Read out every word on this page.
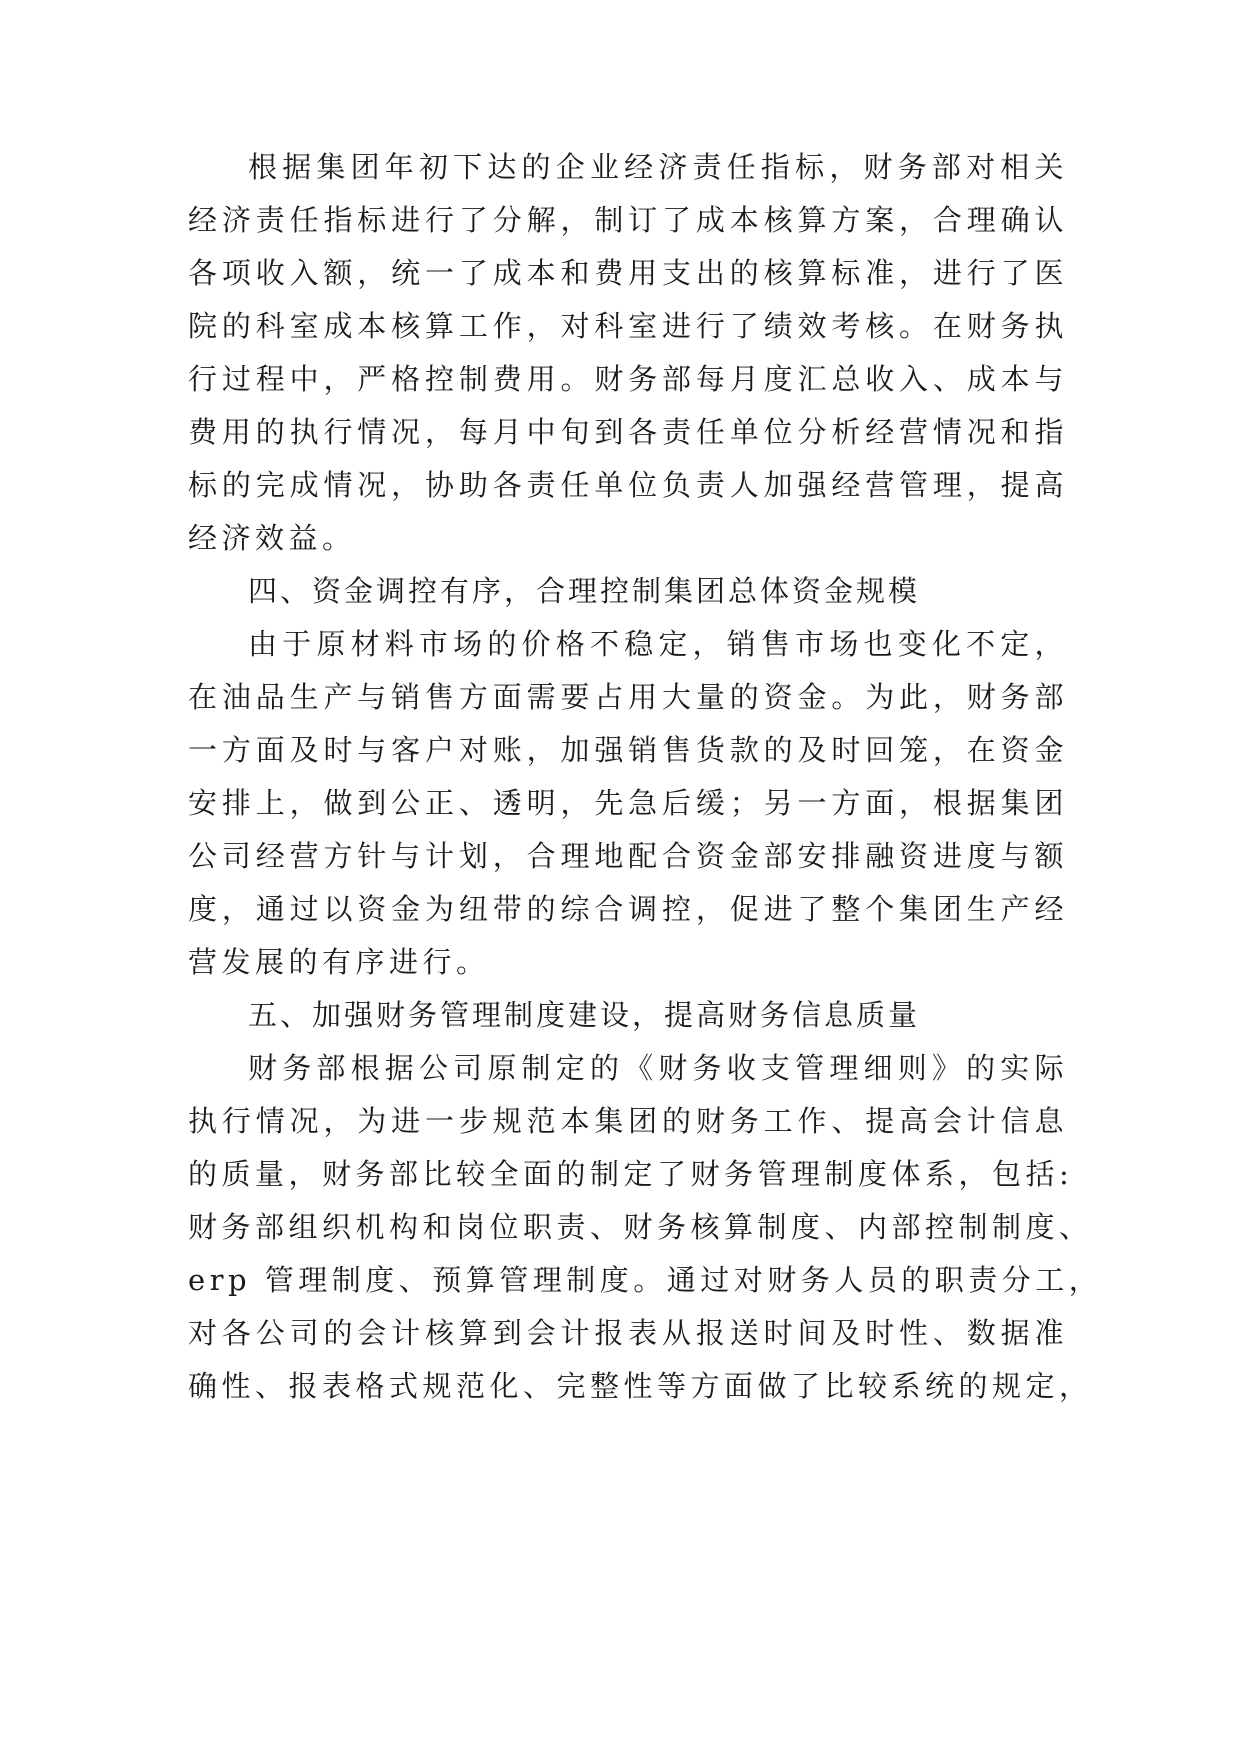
根据集团年初下达的企业经济责任指标，财务部对相关
经济责任指标进行了分解，制订了成本核算方案，合理确认
各项收入额，统一了成本和费用支出的核算标准，进行了医
院的科室成本核算工作，对科室进行了绩效考核。在财务执
行过程中，严格控制费用。财务部每月度汇总收入、成本与
费用的执行情况，每月中旬到各责任单位分析经营情况和指
标的完成情况，协助各责任单位负责人加强经营管理，提高
经济效益。
四、资金调控有序，合理控制集团总体资金规模
由于原材料市场的价格不稳定，销售市场也变化不定，
在油品生产与销售方面需要占用大量的资金。为此，财务部
一方面及时与客户对账，加强销售货款的及时回笼，在资金
安排上，做到公正、透明，先急后缓；另一方面，根据集团
公司经营方针与计划，合理地配合资金部安排融资进度与额
度，通过以资金为纽带的综合调控，促进了整个集团生产经
营发展的有序进行。
五、加强财务管理制度建设，提高财务信息质量
财务部根据公司原制定的《财务收支管理细则》的实际
执行情况，为进一步规范本集团的财务工作、提高会计信息
的质量，财务部比较全面的制定了财务管理制度体系，包括:
财务部组织机构和岗位职责、财务核算制度、内部控制制度、
erp 管理制度、预算管理制度。通过对财务人员的职责分工，
对各公司的会计核算到会计报表从报送时间及时性、数据准
确性、报表格式规范化、完整性等方面做了比较系统的规定，
